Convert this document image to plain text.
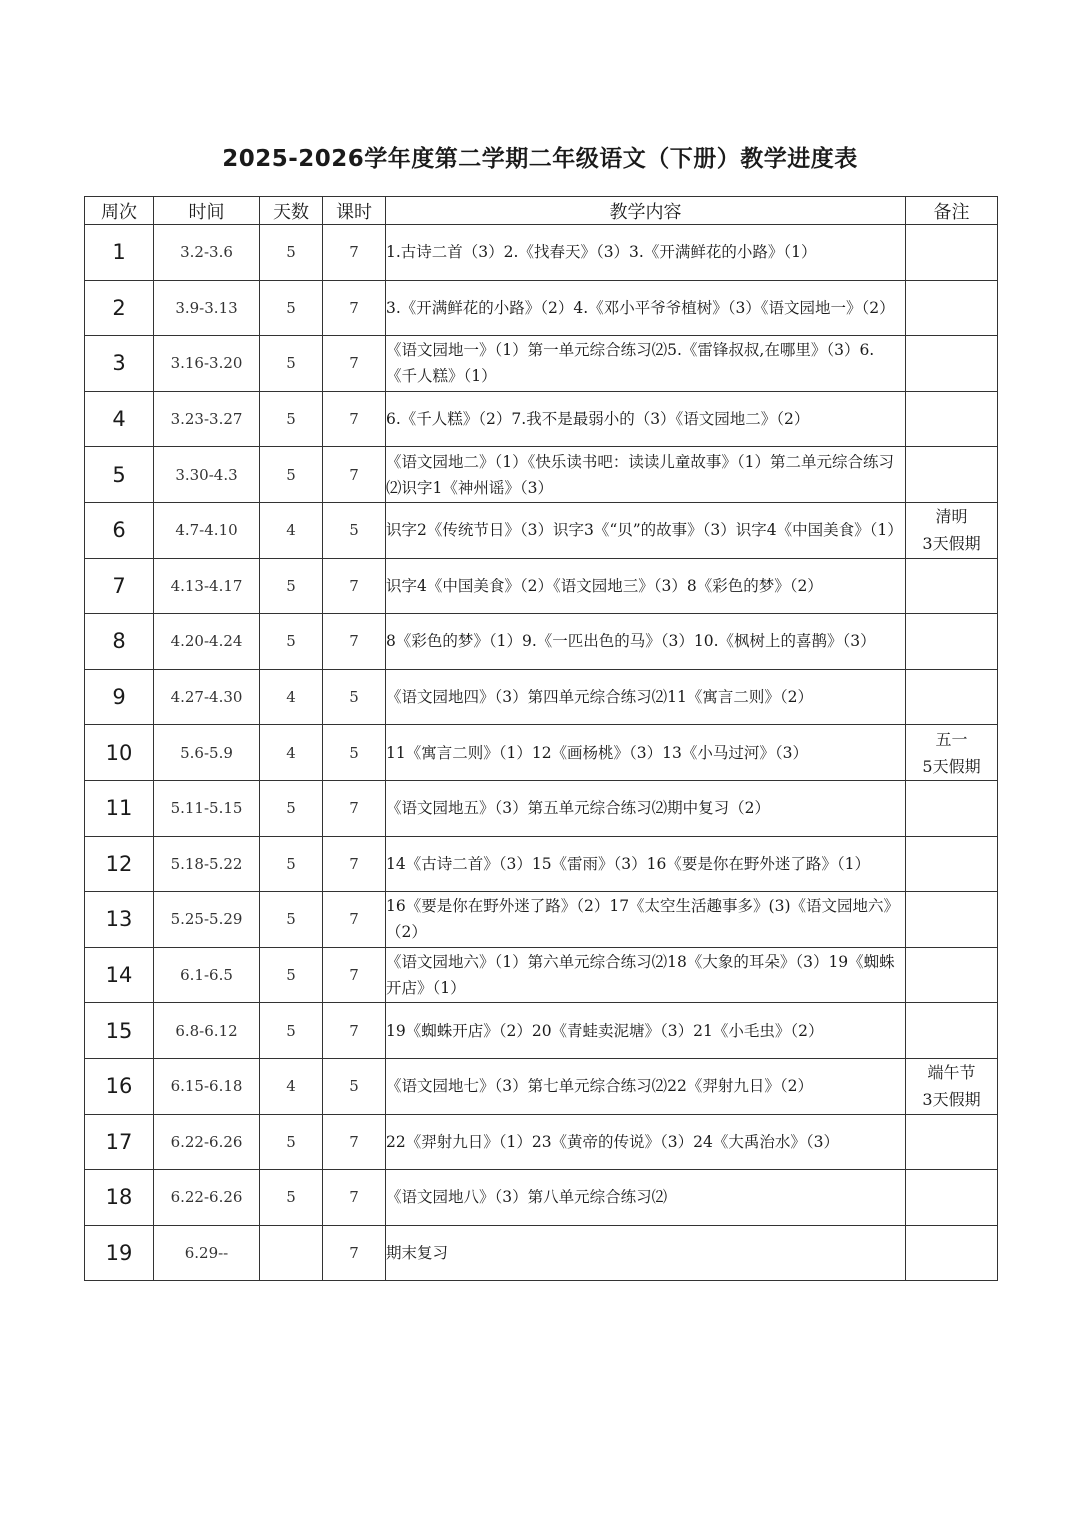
2025-2026学年度第二学期二年级语文（下册）教学进度表
周次	时间	天数	课时	教学内容	备注
1	3.2-3.6	5	7	1.古诗二首（3）2.《找春天》（3）3.《开满鲜花的小路》（1）	

2	3.9-3.13	5	7	3.《开满鲜花的小路》（2）4.《邓小平爷爷植树》（3）《语文园地一》（2）	

3	3.16-3.20	5	7	《语文园地一》（1）第一单元综合练习⑵5.《雷锋叔叔,在哪里》（3）6.《千人糕》（1）	

4	3.23-3.27	5	7	6.《千人糕》（2）7.我不是最弱小的（3）《语文园地二》（2）	

5	3.30-4.3	5	7	《语文园地二》（1）《快乐读书吧：读读儿童故事》（1）第二单元综合练习⑵识字1《神州谣》（3）	

6	4.7-4.10	4	5	识字2《传统节日》（3）识字3《“贝”的故事》（3）识字4《中国美食》（1）	清明
3天假期

7	4.13-4.17	5	7	识字4《中国美食》（2）《语文园地三》（3）8《彩色的梦》（2）	

8	4.20-4.24	5	7	8《彩色的梦》（1）9.《一匹出色的马》（3）10.《枫树上的喜鹊》（3）	

9	4.27-4.30	4	5	《语文园地四》（3）第四单元综合练习⑵11《寓言二则》（2）	

10	5.6-5.9	4	5	11《寓言二则》（1）12《画杨桃》（3）13《小马过河》（3）	五一
5天假期

11	5.11-5.15	5	7	《语文园地五》（3）第五单元综合练习⑵期中复习（2）	

12	5.18-5.22	5	7	14《古诗二首》（3）15《雷雨》（3）16《要是你在野外迷了路》（1）	

13	5.25-5.29	5	7	16《要是你在野外迷了路》（2）17《太空生活趣事多》(3)《语文园地六》（2）	

14	6.1-6.5	5	7	《语文园地六》（1）第六单元综合练习⑵18《大象的耳朵》（3）19《蜘蛛开店》（1）	

15	6.8-6.12	5	7	19《蜘蛛开店》（2）20《青蛙卖泥塘》（3）21《小毛虫》（2）	

16	6.15-6.18	4	5	《语文园地七》（3）第七单元综合练习⑵22《羿射九日》（2）	端午节
3天假期

17	6.22-6.26	5	7	22《羿射九日》（1）23《黄帝的传说》（3）24《大禹治水》（3）	

18	6.22-6.26	5	7	《语文园地八》（3）第八单元综合练习⑵	

19	6.29--		7	期末复习	
